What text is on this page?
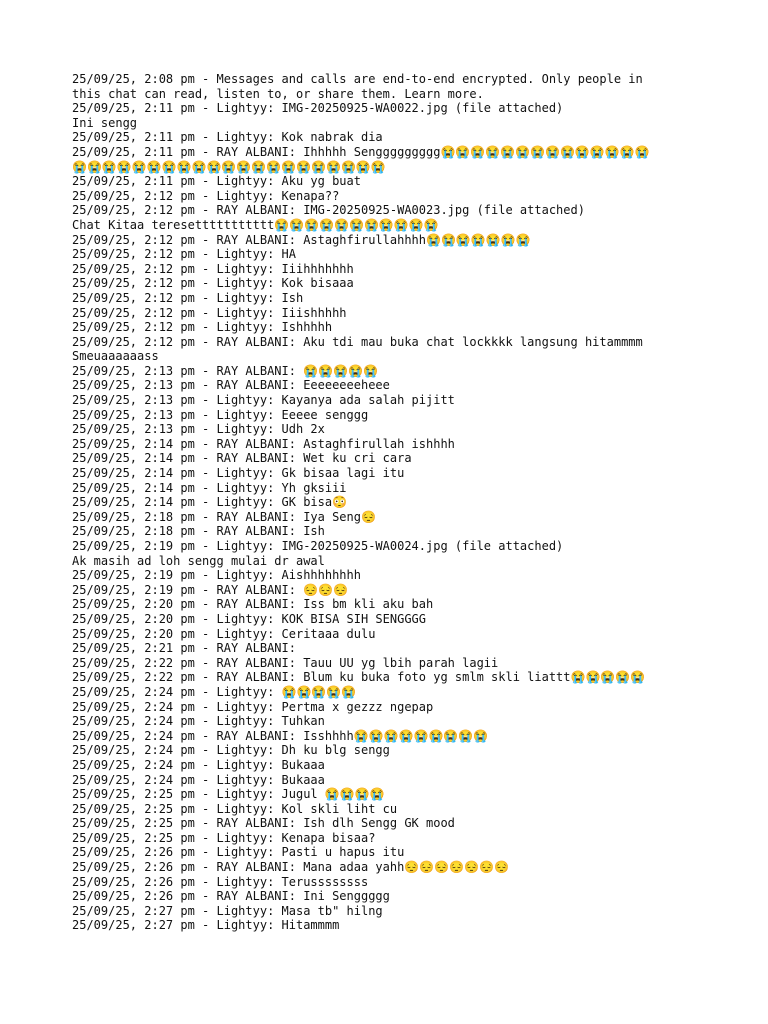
25/09/25, 2:08 pm - Messages and calls are end-to-end encrypted. Only people in
this chat can read, listen to, or share them. Learn more.
25/09/25, 2:11 pm - Lightyy: IMG-20250925-WA0022.jpg (file attached)
Ini sengg
25/09/25, 2:11 pm - Lightyy: Kok nabrak dia
25/09/25, 2:11 pm - RAY ALBANI: Ihhhhh Senggggggggg😭😭😭😭😭😭😭😭😭😭😭😭😭😭
😭😭😭😭😭😭😭😭😭😭😭😭😭😭😭😭😭😭😭😭😭
25/09/25, 2:11 pm - Lightyy: Aku yg buat
25/09/25, 2:12 pm - Lightyy: Kenapa??
25/09/25, 2:12 pm - RAY ALBANI: IMG-20250925-WA0023.jpg (file attached)
Chat Kitaa teresettttttttttt😭😭😭😭😭😭😭😭😭😭😭
25/09/25, 2:12 pm - RAY ALBANI: Astaghfirullahhhh😭😭😭😭😭😭😭
25/09/25, 2:12 pm - Lightyy: HA
25/09/25, 2:12 pm - Lightyy: Iiihhhhhhh
25/09/25, 2:12 pm - Lightyy: Kok bisaaa
25/09/25, 2:12 pm - Lightyy: Ish
25/09/25, 2:12 pm - Lightyy: Iiishhhhh
25/09/25, 2:12 pm - Lightyy: Ishhhhh
25/09/25, 2:12 pm - RAY ALBANI: Aku tdi mau buka chat lockkkk langsung hitammmm
Smeuaaaaaass
25/09/25, 2:13 pm - RAY ALBANI: 😭😭😭😭😭
25/09/25, 2:13 pm - RAY ALBANI: Eeeeeeeeheee
25/09/25, 2:13 pm - Lightyy: Kayanya ada salah pijitt
25/09/25, 2:13 pm - Lightyy: Eeeee senggg
25/09/25, 2:13 pm - Lightyy: Udh 2x
25/09/25, 2:14 pm - RAY ALBANI: Astaghfirullah ishhhh
25/09/25, 2:14 pm - RAY ALBANI: Wet ku cri cara
25/09/25, 2:14 pm - Lightyy: Gk bisaa lagi itu
25/09/25, 2:14 pm - Lightyy: Yh gksiii
25/09/25, 2:14 pm - Lightyy: GK bisa😳
25/09/25, 2:18 pm - RAY ALBANI: Iya Seng😔
25/09/25, 2:18 pm - RAY ALBANI: Ish
25/09/25, 2:19 pm - Lightyy: IMG-20250925-WA0024.jpg (file attached)
Ak masih ad loh sengg mulai dr awal
25/09/25, 2:19 pm - Lightyy: Aishhhhhhhh
25/09/25, 2:19 pm - RAY ALBANI: 😔😔😔
25/09/25, 2:20 pm - RAY ALBANI: Iss bm kli aku bah
25/09/25, 2:20 pm - Lightyy: KOK BISA SIH SENGGGG
25/09/25, 2:20 pm - Lightyy: Ceritaaa dulu
25/09/25, 2:21 pm - RAY ALBANI:
25/09/25, 2:22 pm - RAY ALBANI: Tauu UU yg lbih parah lagii
25/09/25, 2:22 pm - RAY ALBANI: Blum ku buka foto yg smlm skli liattt😭😭😭😭😭
25/09/25, 2:24 pm - Lightyy: 😭😭😭😭😭
25/09/25, 2:24 pm - Lightyy: Pertma x gezzz ngepap
25/09/25, 2:24 pm - Lightyy: Tuhkan
25/09/25, 2:24 pm - RAY ALBANI: Isshhhh😭😭😭😭😭😭😭😭😭
25/09/25, 2:24 pm - Lightyy: Dh ku blg sengg
25/09/25, 2:24 pm - Lightyy: Bukaaa
25/09/25, 2:24 pm - Lightyy: Bukaaa
25/09/25, 2:25 pm - Lightyy: Jugul 😭😭😭😭
25/09/25, 2:25 pm - Lightyy: Kol skli liht cu
25/09/25, 2:25 pm - RAY ALBANI: Ish dlh Sengg GK mood
25/09/25, 2:25 pm - Lightyy: Kenapa bisaa?
25/09/25, 2:26 pm - Lightyy: Pasti u hapus itu
25/09/25, 2:26 pm - RAY ALBANI: Mana adaa yahh😔😔😔😔😔😔😔
25/09/25, 2:26 pm - Lightyy: Terussssssss
25/09/25, 2:26 pm - RAY ALBANI: Ini Senggggg
25/09/25, 2:27 pm - Lightyy: Masa tb" hilng
25/09/25, 2:27 pm - Lightyy: Hitammmm
